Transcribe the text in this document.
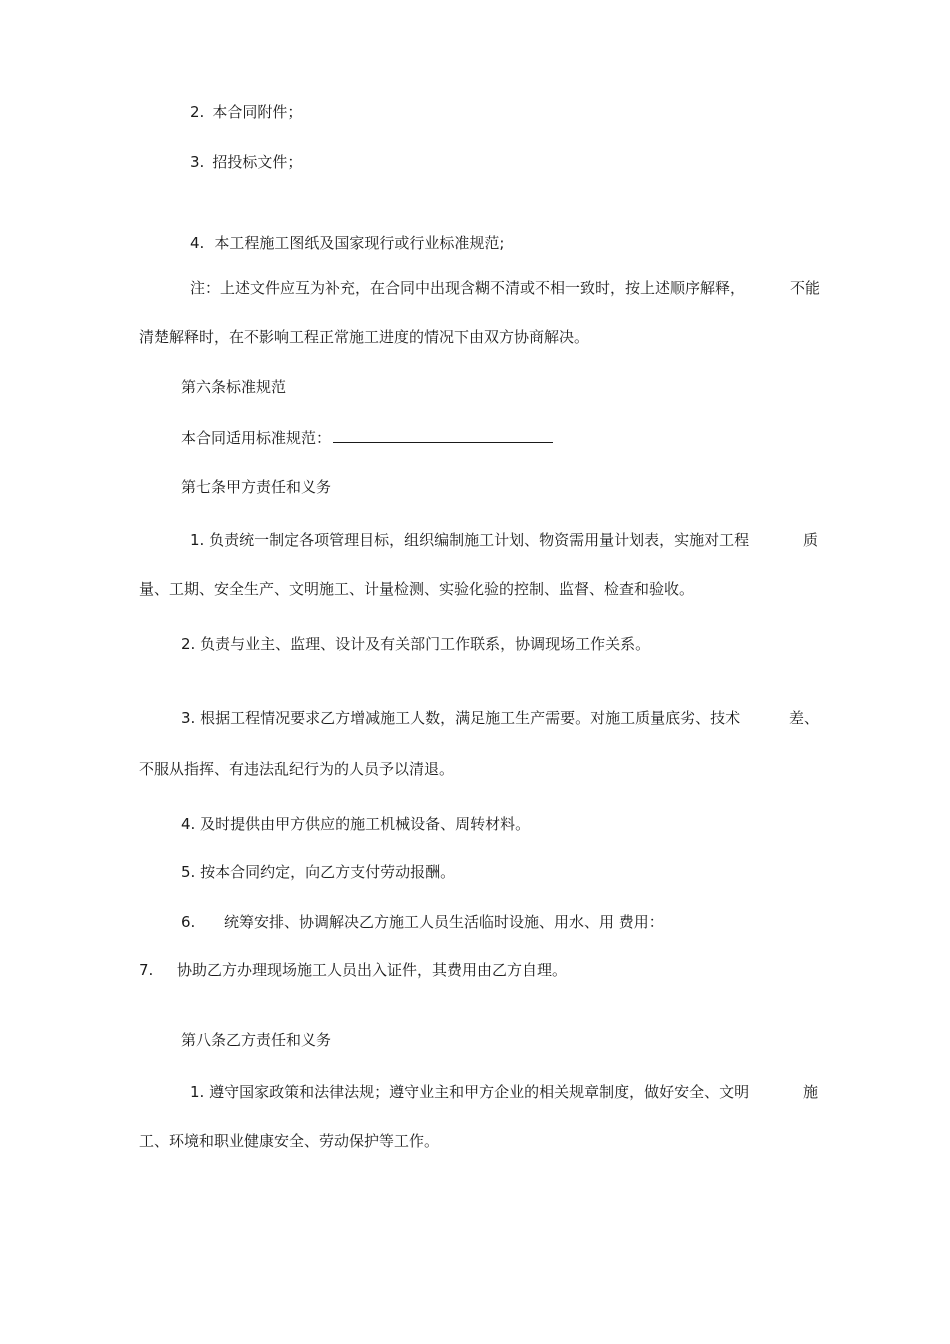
2. 本合同附件；
3. 招投标文件；
4. 本工程施工图纸及国家现行或行业标准规范;
注：上述文件应互为补充，在合同中出现含糊不清或不相一致时，按上述顺序解释，	不能
清楚解释时，在不影响工程正常施工进度的情况下由双方协商解决。
第六条标准规范
本合同适用标准规范：
第七条甲方责任和义务
1. 负责统一制定各项管理目标，组织编制施工计划、物资需用量计划表，实施对工程	质
量、工期、安全生产、文明施工、计量检测、实验化验的控制、监督、检查和验收。
2. 负责与业主、监理、设计及有关部门工作联系，协调现场工作关系。
3. 根据工程情况要求乙方增减施工人数，满足施工生产需要。对施工质量底劣、技术	差、
不服从指挥、有违法乱纪行为的人员予以清退。
4. 及时提供由甲方供应的施工机械设备、周转材料。
5. 按本合同约定，向乙方支付劳动报酬。
6. 统筹安排、协调解决乙方施工人员生活临时设施、用水、用 费用：
7. 协助乙方办理现场施工人员出入证件，其费用由乙方自理。
第八条乙方责任和义务
1. 遵守国家政策和法律法规；遵守业主和甲方企业的相关规章制度，做好安全、文明	施
工、环境和职业健康安全、劳动保护等工作。
